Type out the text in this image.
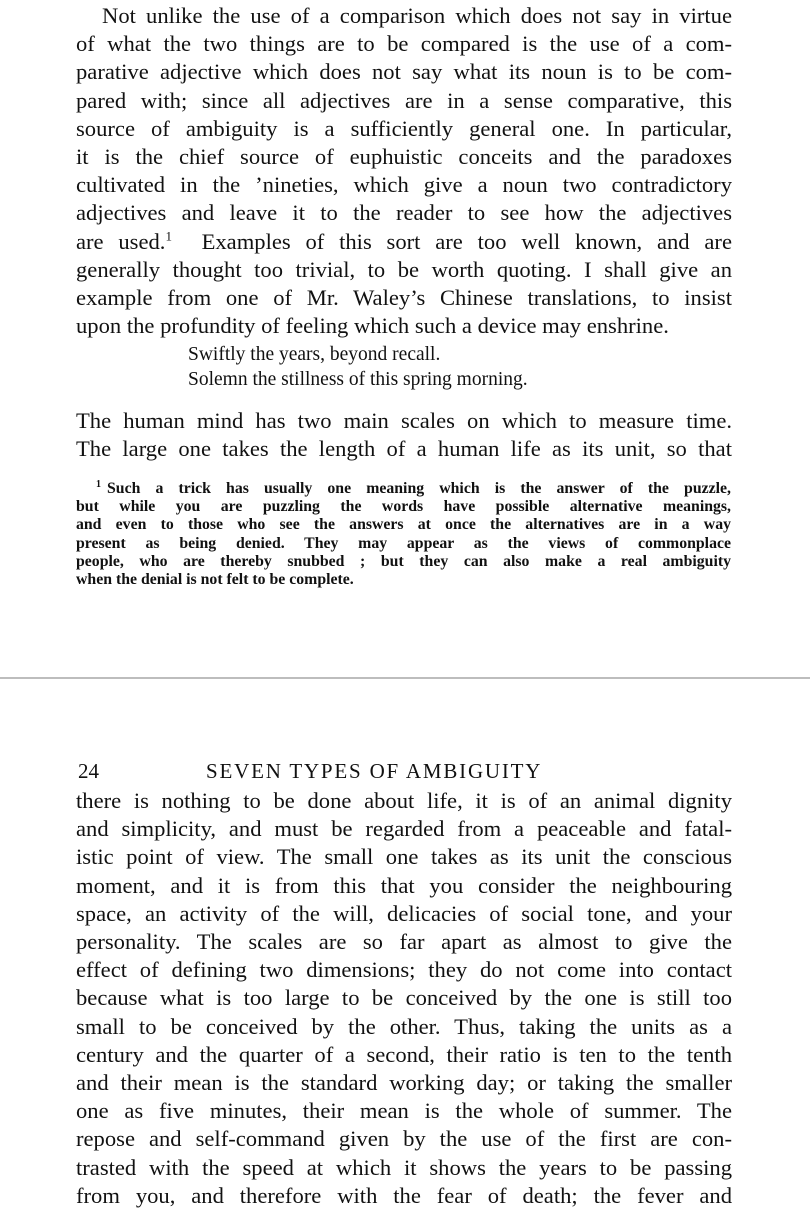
Not unlike the use of a comparison which does not say in virtue
of what the two things are to be compared is the use of a com-
parative adjective which does not say what its noun is to be com-
pared with; since all adjectives are in a sense comparative, this
source of ambiguity is a sufficiently general one. In particular,
it is the chief source of euphuistic conceits and the paradoxes
cultivated in the ’nineties, which give a noun two contradictory
adjectives and leave it to the reader to see how the adjectives
are used.$^1$  Examples of this sort are too well known, and are
generally thought too trivial, to be worth quoting. I shall give an
example from one of Mr. Waley’s Chinese translations, to insist
upon the profundity of feeling which such a device may enshrine.
Swiftly the years, beyond recall.
Solemn the stillness of this spring morning.
The human mind has two main scales on which to measure time.
The large one takes the length of a human life as its unit, so that
$^1$ Such a trick has usually one meaning which is the answer of the puzzle,
but while you are puzzling the words have possible alternative meanings,
and even to those who see the answers at once the alternatives are in a way
present as being denied. They may appear as the views of commonplace
people, who are thereby snubbed ; but they can also make a real ambiguity
when the denial is not felt to be complete.
24	SEVEN TYPES OF AMBIGUITY
there is nothing to be done about life, it is of an animal dignity
and simplicity, and must be regarded from a peaceable and fatal-
istic point of view. The small one takes as its unit the conscious
moment, and it is from this that you consider the neighbouring
space, an activity of the will, delicacies of social tone, and your
personality. The scales are so far apart as almost to give the
effect of defining two dimensions; they do not come into contact
because what is too large to be conceived by the one is still too
small to be conceived by the other. Thus, taking the units as a
century and the quarter of a second, their ratio is ten to the tenth
and their mean is the standard working day; or taking the smaller
one as five minutes, their mean is the whole of summer. The
repose and self-command given by the use of the first are con-
trasted with the speed at which it shows the years to be passing
from you, and therefore with the fear of death; the fever and
